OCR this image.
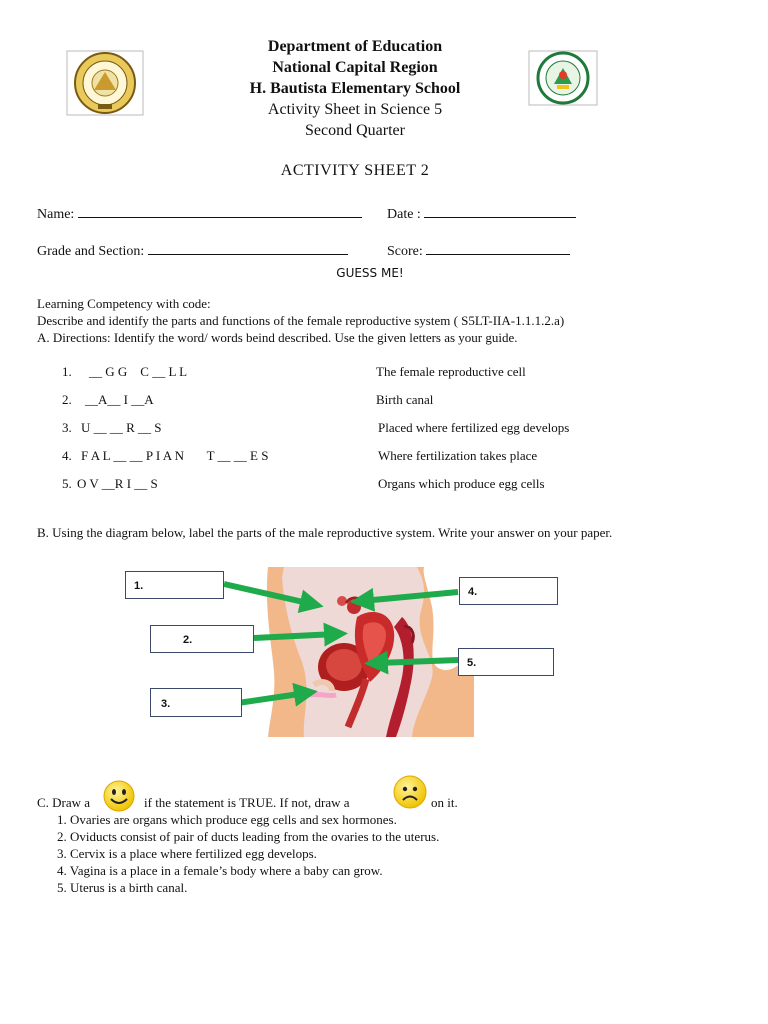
Department of Education
National Capital Region
H. Bautista Elementary School
Activity Sheet in Science 5
Second Quarter
ACTIVITY SHEET 2
Name:	Date :
Grade and Section:	Score:
GUESS ME!
Learning Competency with code:
Describe and identify the parts and functions of the female reproductive system ( S5LT-IIA-1.1.1.2.a)
A. Directions: Identify the word/ words beind described. Use the given letters as your guide.
1. __ G G    C __ L L	The female reproductive cell
2. __A__ I __A	Birth canal
3. U __ __ R __ S	Placed where fertilized egg develops
4. F A L __ __ P I A N       T __ __ E S	Where fertilization takes place
5. O V __R I __ S	Organs which produce egg cells
B. Using the diagram below, label the parts of the male reproductive system. Write your answer on your paper.
1.
2.
3.
4.
5.
C. Draw a	if the statement is TRUE. If not, draw a	on it.
1. Ovaries are organs which produce egg cells and sex hormones.
2. Oviducts consist of pair of ducts leading from the ovaries to the uterus.
3. Cervix is a place where fertilized egg develops.
4. Vagina is a place in a female’s body where a baby can grow.
5. Uterus is a birth canal.
